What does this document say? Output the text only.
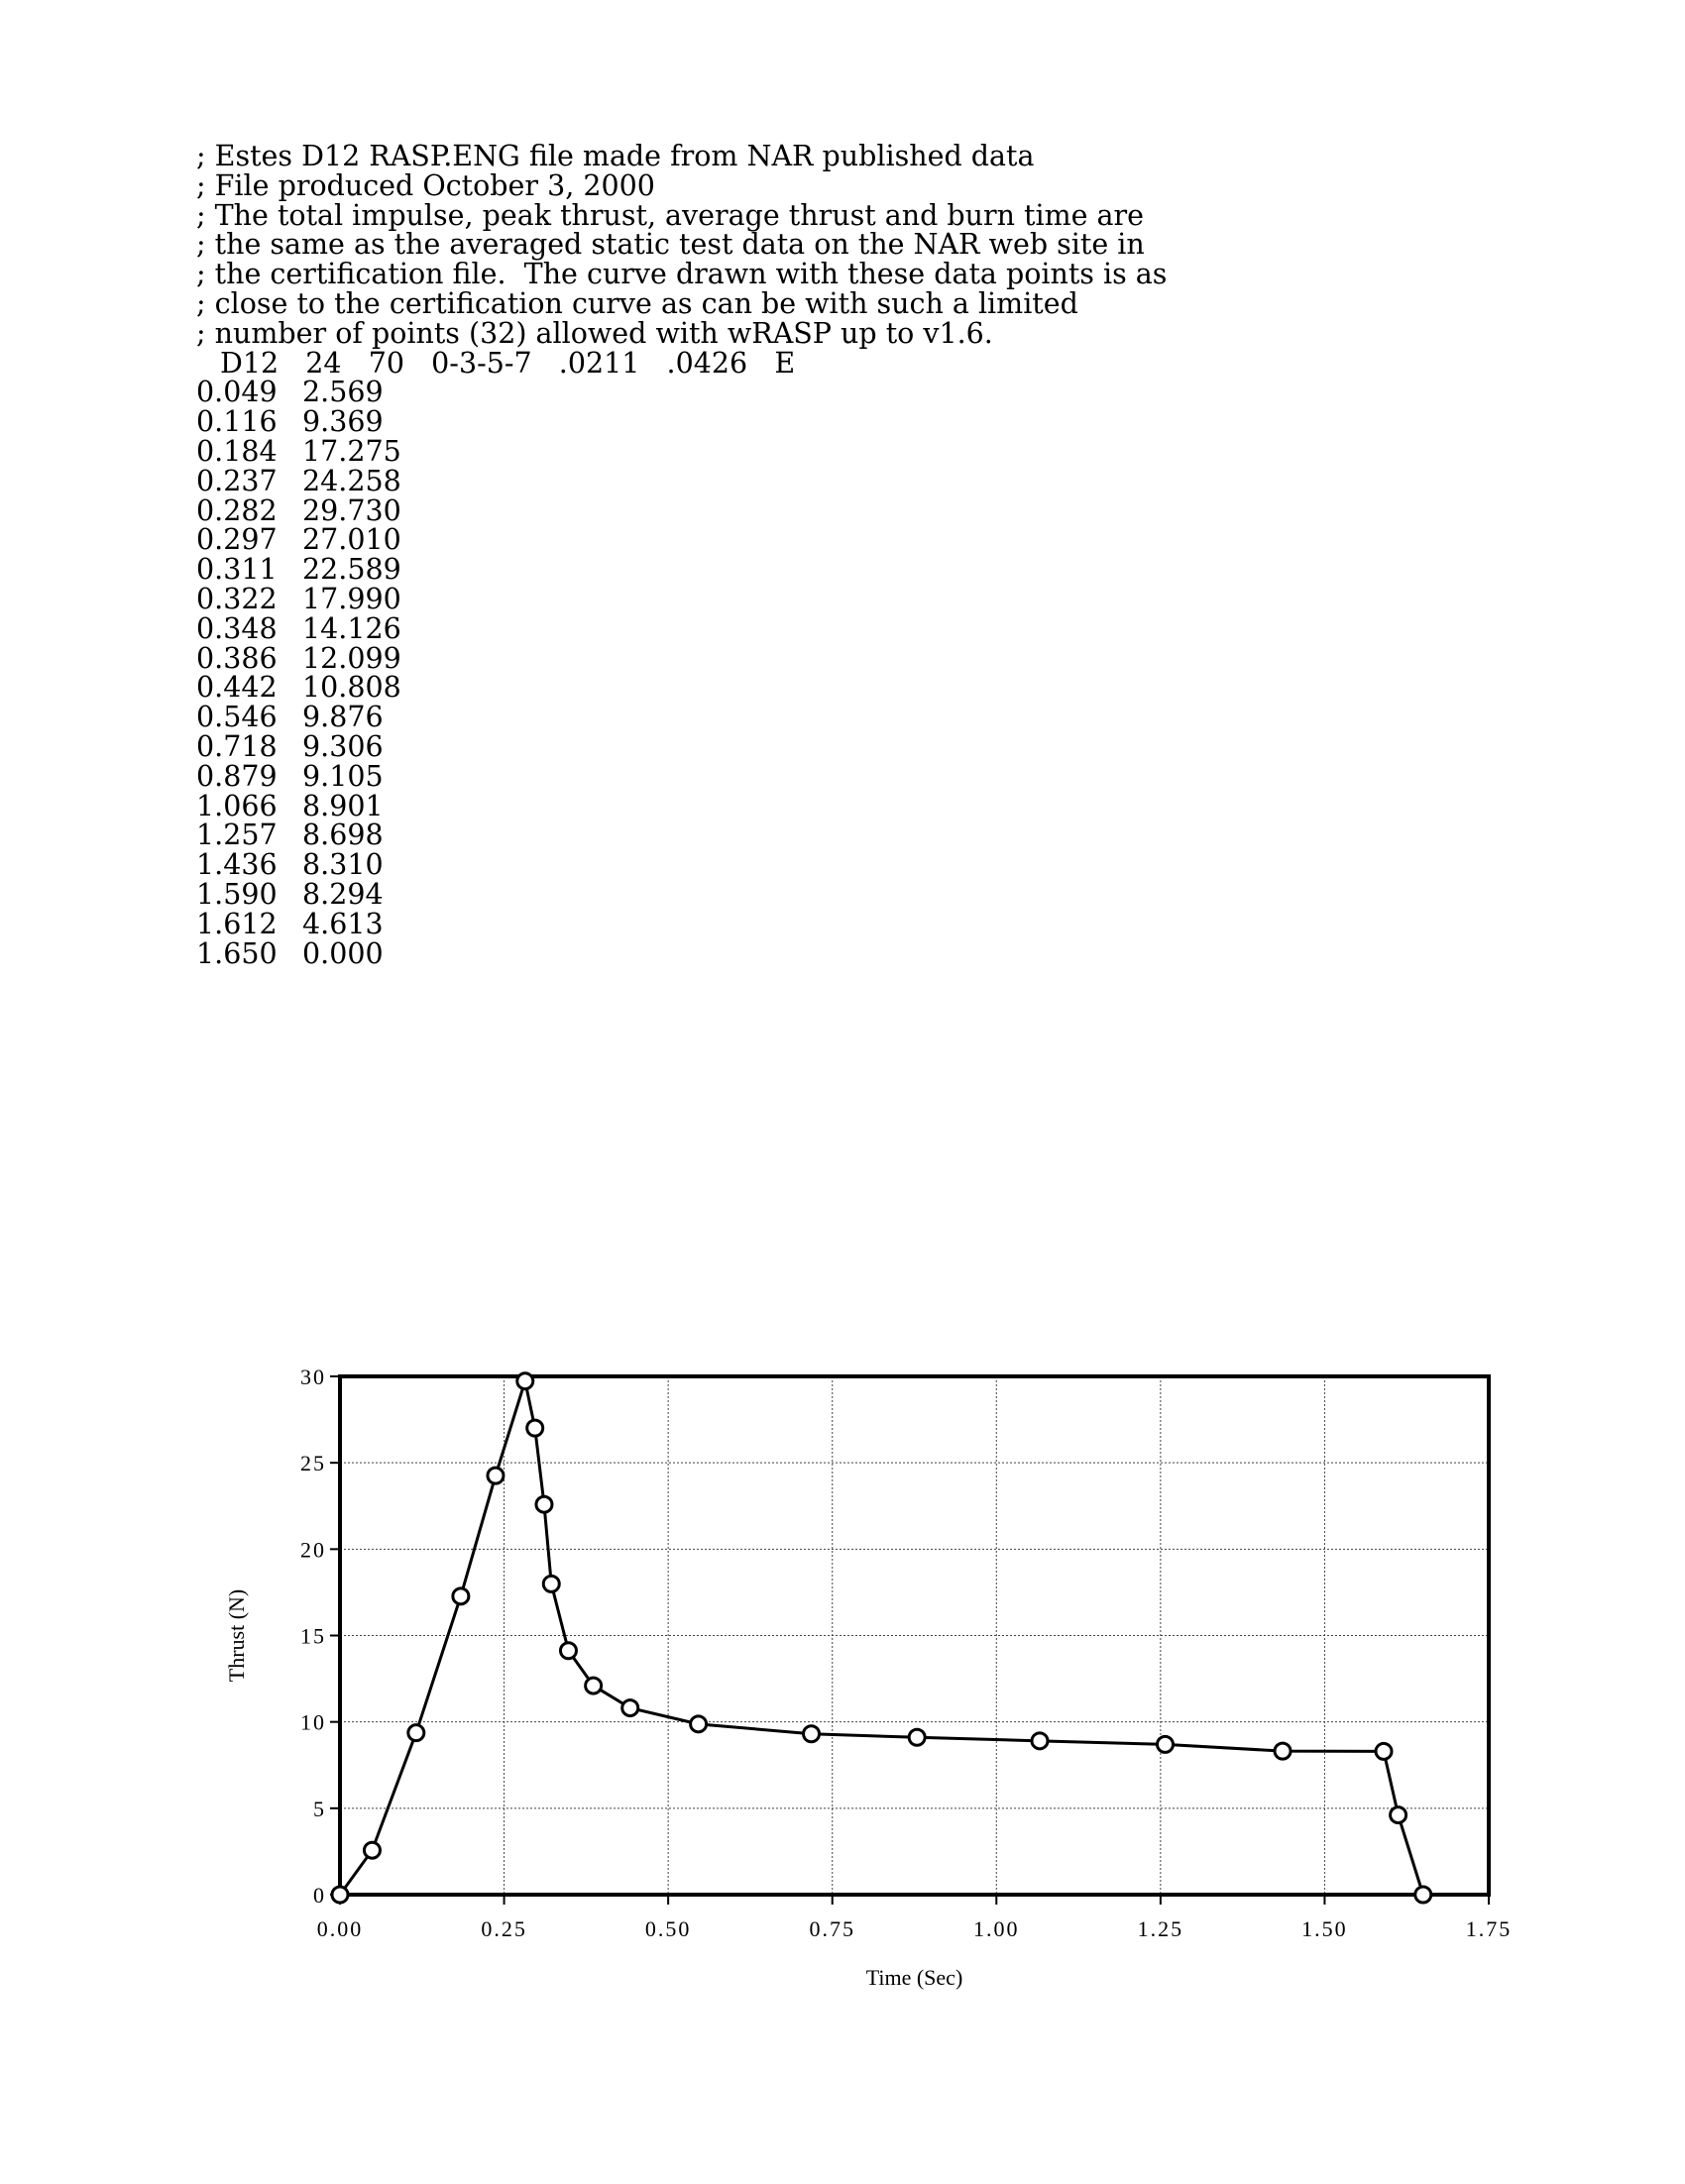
; Estes D12 RASP.ENG file made from NAR published data
; File produced October 3, 2000
; The total impulse, peak thrust, average thrust and burn time are
; the same as the averaged static test data on the NAR web site in
; the certification file.  The curve drawn with these data points is as
; close to the certification curve as can be with such a limited
; number of points (32) allowed with wRASP up to v1.6.
D12   24   70   0-3-5-7   .0211   .0426   E
0.049 2.569
0.116 9.369
0.184 17.275
0.237 24.258
0.282 29.730
0.297 27.010
0.311 22.589
0.322 17.990
0.348 14.126
0.386 12.099
0.442 10.808
0.546 9.876
0.718 9.306
0.879 9.105
1.066 8.901
1.257 8.698
1.436 8.310
1.590 8.294
1.612 4.613
1.650 0.000
0.00	0.25	0.50	0.75	1.00	1.25	1.50	1.75
0
5
10
15
20
25
30
Time (Sec)
Thrust (N)
